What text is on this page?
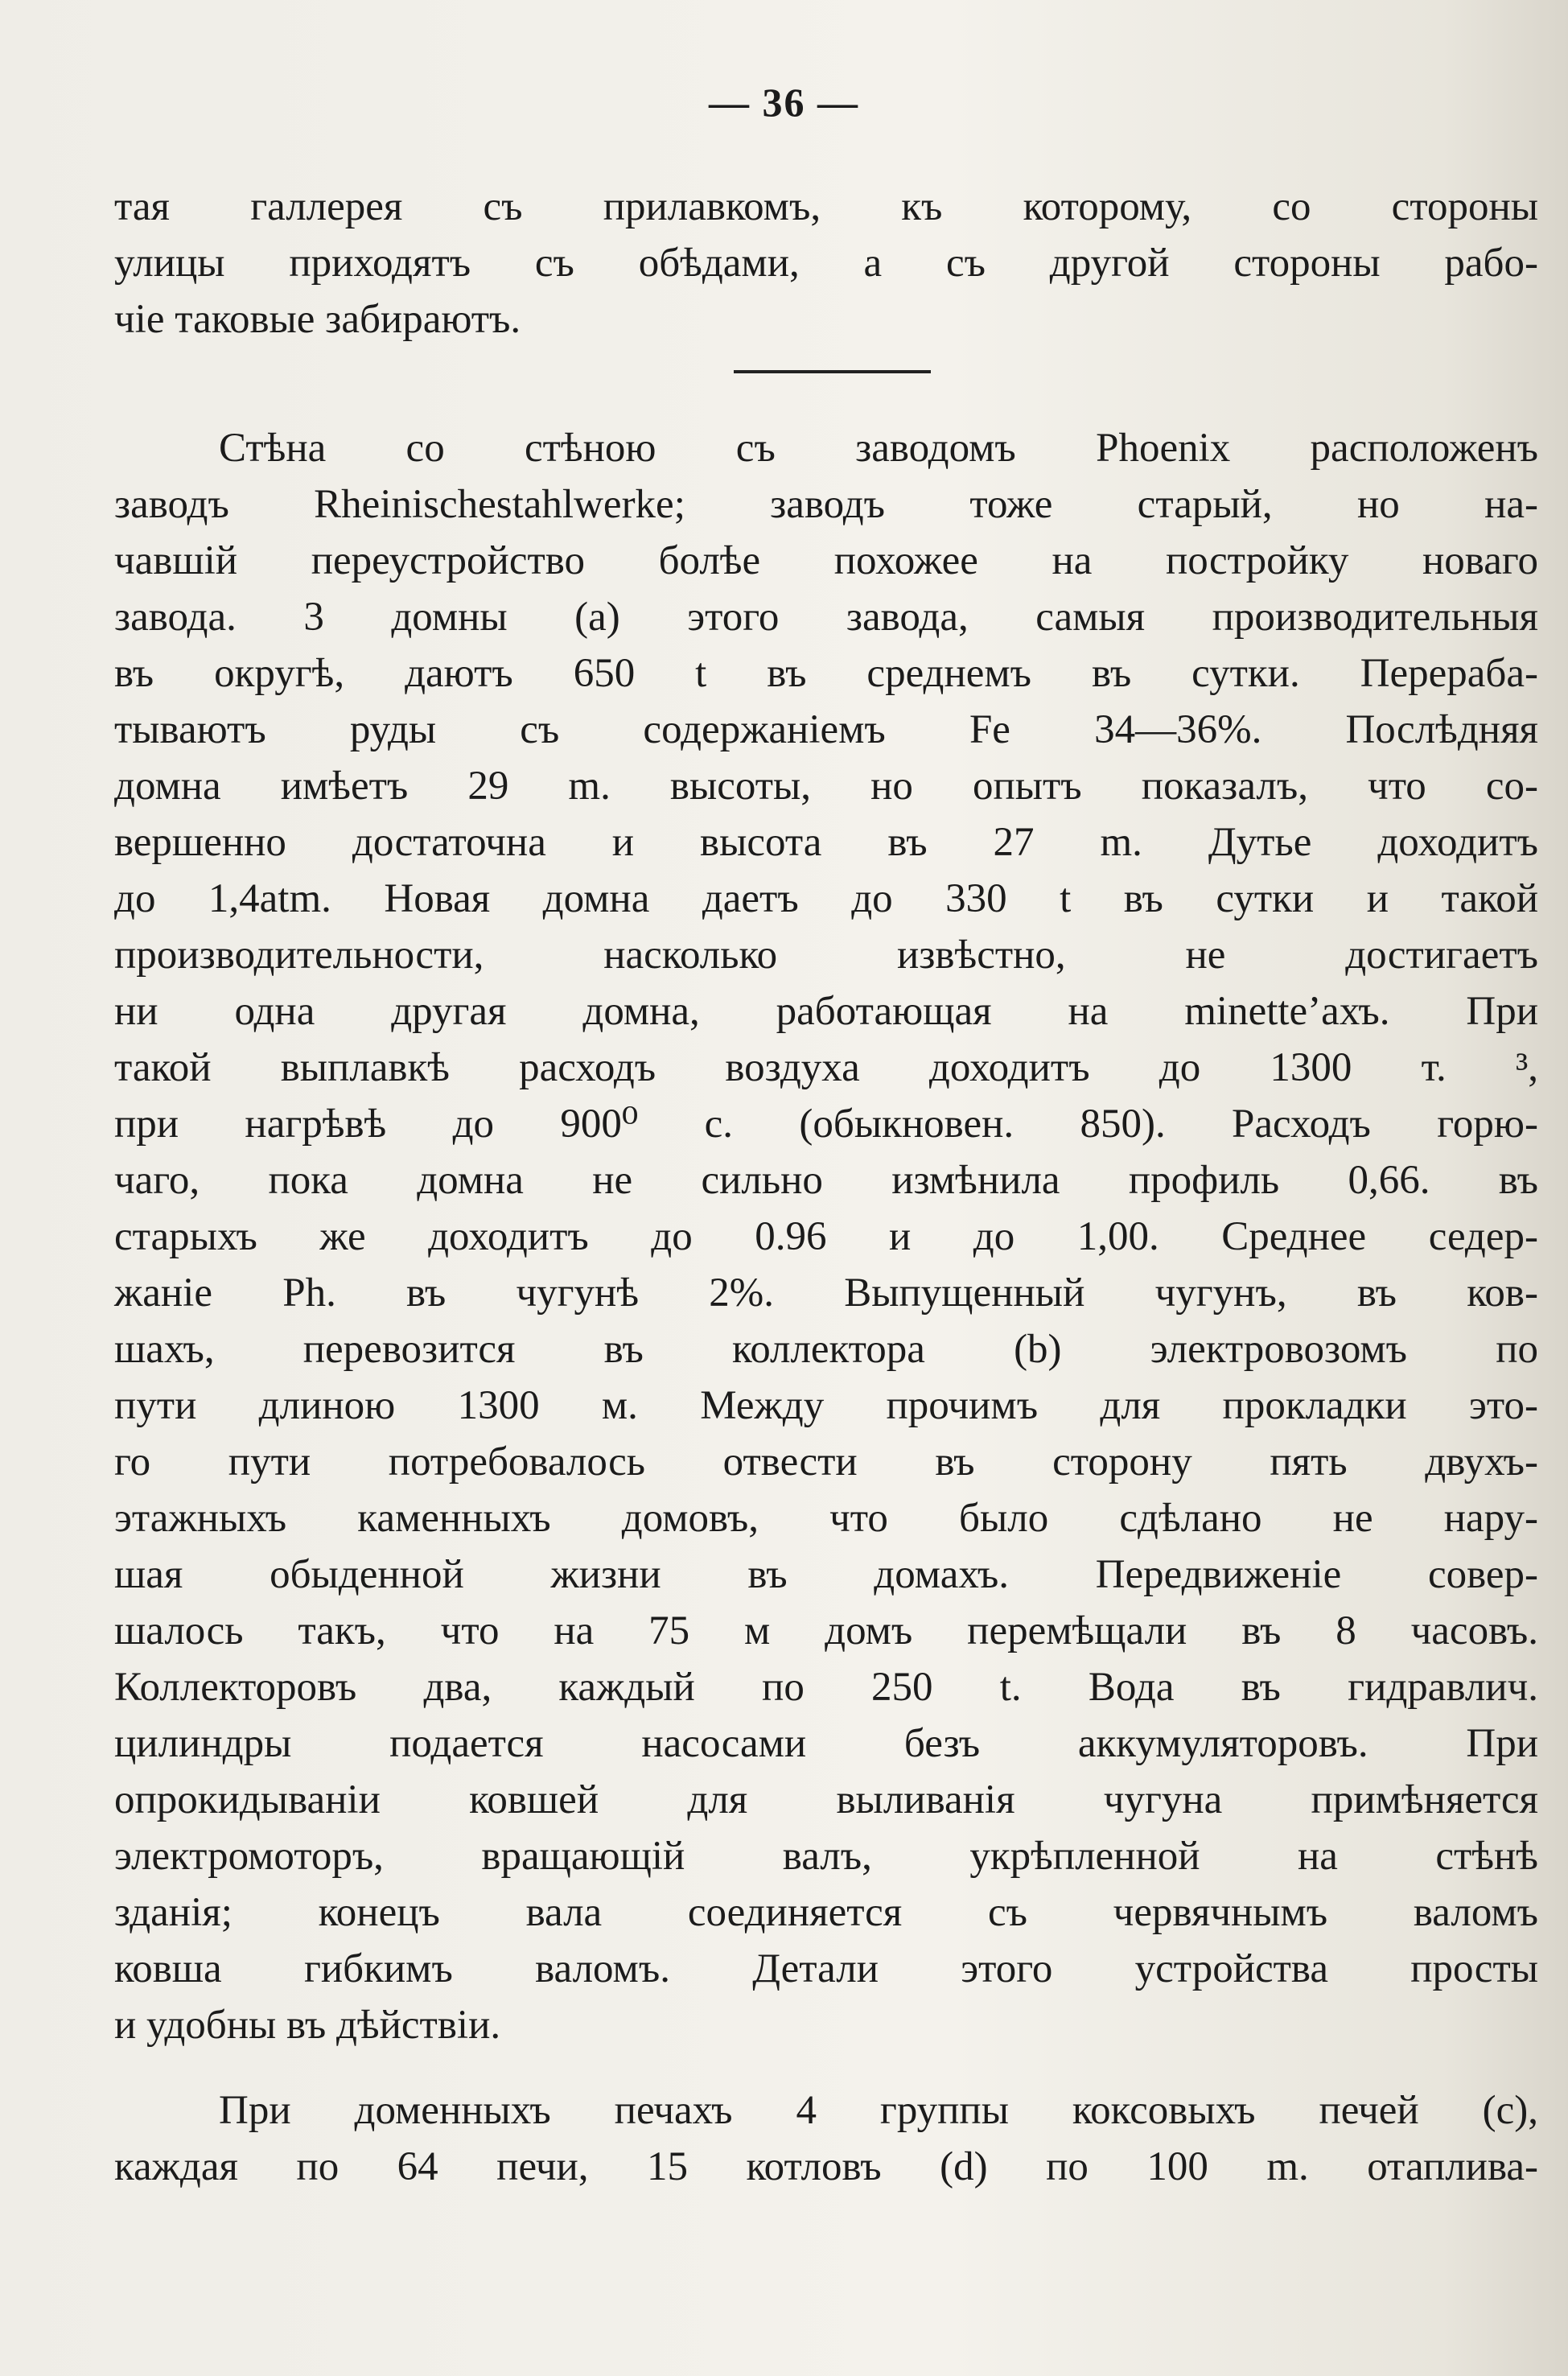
— 36 —
тая галлерея съ прилавкомъ, къ которому, со стороны
улицы приходятъ съ обѣдами, а съ другой стороны рабо-
чіе таковые забираютъ.
Стѣна со стѣною съ заводомъ Phoenix расположенъ
заводъ Rheinischestahlwerke; заводъ тоже старый, но на-
чавшій переустройство болѣе похожее на постройку новаго
завода. 3 домны (а) этого завода, самыя производительныя
въ округѣ, даютъ 650 t въ среднемъ въ сутки. Перераба-
тываютъ руды съ содержаніемъ Fe 34—36%. Послѣдняя
домна имѣетъ 29 m. высоты, но опытъ показалъ, что со-
вершенно достаточна и высота въ 27 m. Дутье доходитъ
до 1,4atm. Новая домна даетъ до 330 t въ сутки и такой
производительности, насколько извѣстно, не достигаетъ
ни одна другая домна, работающая на minette’ахъ. При
такой выплавкѣ расходъ воздуха доходитъ до 1300 т. ³,
при нагрѣвѣ до 900⁰ с. (обыкновен. 850). Расходъ горю-
чаго, пока домна не сильно измѣнила профиль 0,66. въ
старыхъ же доходитъ до 0.96 и до 1,00. Среднее седер-
жаніе Ph. въ чугунѣ 2%. Выпущенный чугунъ, въ ков-
шахъ, перевозится въ коллектора (b) электровозомъ по
пути длиною 1300 м. Между прочимъ для прокладки это-
го пути потребовалось отвести въ сторону пять двухъ-
этажныхъ каменныхъ домовъ, что было сдѣлано не нару-
шая обыденной жизни въ домахъ. Передвиженіе совер-
шалось такъ, что на 75 м домъ перемѣщали въ 8 часовъ.
Коллекторовъ два, каждый по 250 t. Вода въ гидравлич.
цилиндры подается насосами безъ аккумуляторовъ. При
опрокидываніи ковшей для выливанія чугуна примѣняется
электромоторъ, вращающій валъ, укрѣпленной на стѣнѣ
зданія; конецъ вала соединяется съ червячнымъ валомъ
ковша гибкимъ валомъ. Детали этого устройства просты
и удобны въ дѣйствіи.
При доменныхъ печахъ 4 группы коксовыхъ печей (с),
каждая по 64 печи, 15 котловъ (d) по 100 m. отаплива-
